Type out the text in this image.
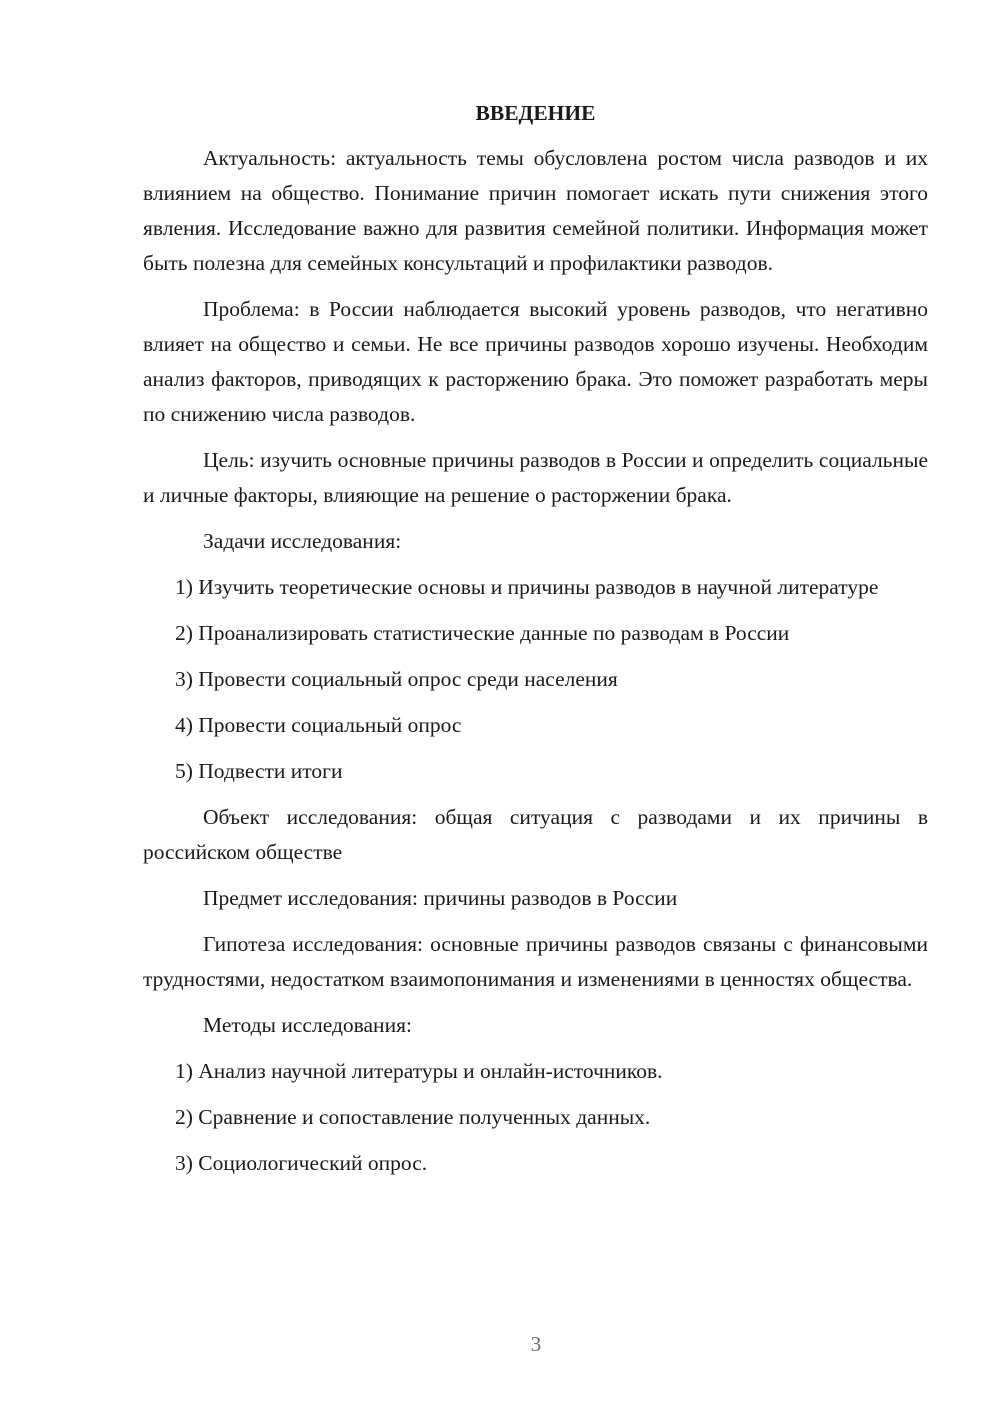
ВВЕДЕНИЕ

Актуальность: актуальность темы обусловлена ростом числа разводов и их влиянием на общество. Понимание причин помогает искать пути снижения этого явления. Исследование важно для развития семейной политики. Информация может быть полезна для семейных консультаций и профилактики разводов.

Проблема: в России наблюдается высокий уровень разводов, что негативно влияет на общество и семьи. Не все причины разводов хорошо изучены. Необходим анализ факторов, приводящих к расторжению брака. Это поможет разработать меры по снижению числа разводов.

Цель: изучить основные причины разводов в России и определить социальные и личные факторы, влияющие на решение о расторжении брака.

Задачи исследования:

1) Изучить теоретические основы и причины разводов в научной литературе

2) Проанализировать статистические данные по разводам в России

3) Провести социальный опрос среди населения

4) Провести социальный опрос

5) Подвести итоги

Объект исследования: общая ситуация с разводами и их причины в российском обществе

Предмет исследования: причины разводов в России

Гипотеза исследования: основные причины разводов связаны с финансовыми трудностями, недостатком взаимопонимания и изменениями в ценностях общества.

Методы исследования:

1) Анализ научной литературы и онлайн-источников.

2) Сравнение и сопоставление полученных данных.

3) Социологический опрос.

3
